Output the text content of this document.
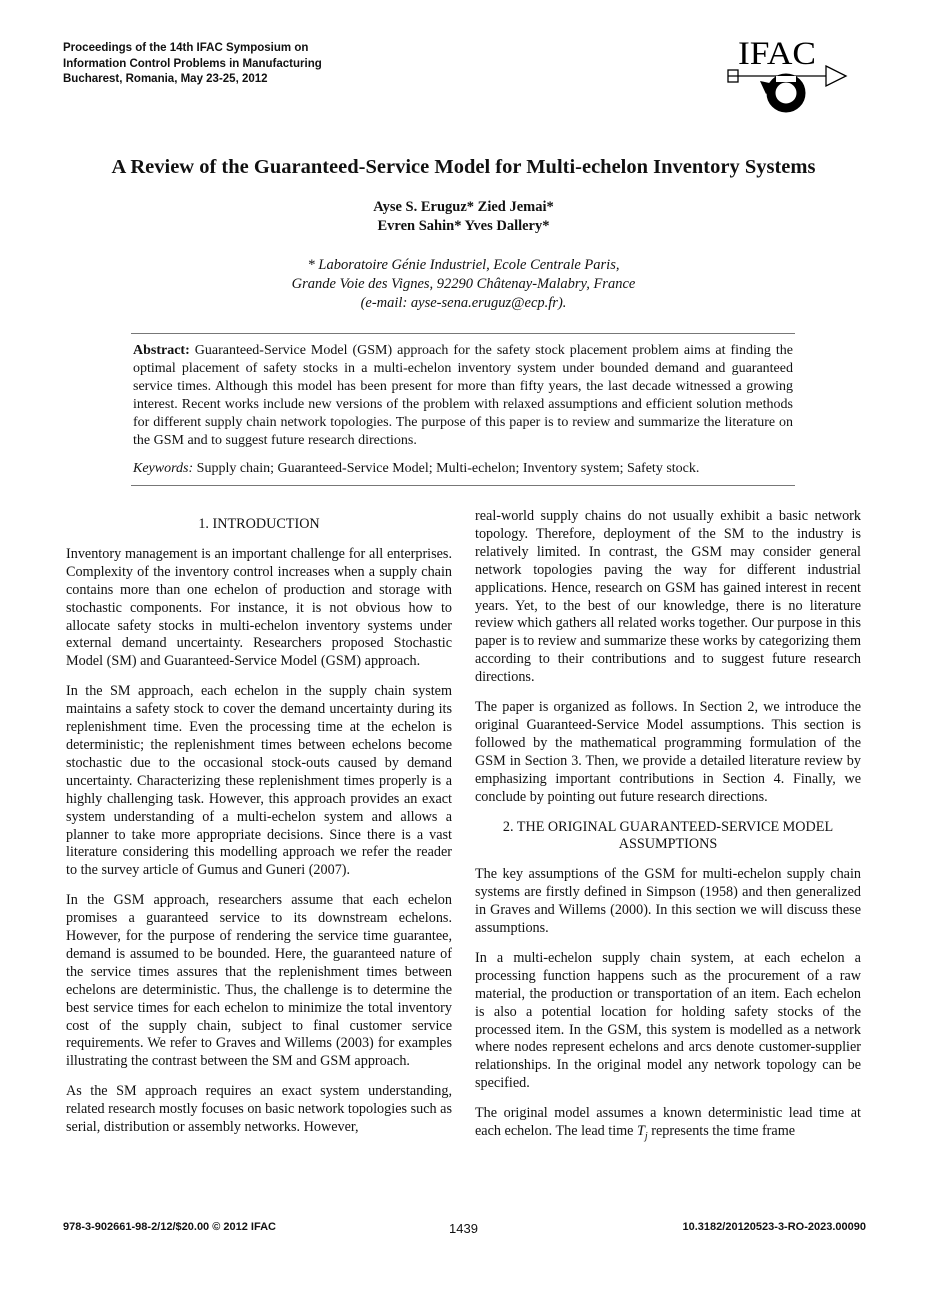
Proceedings of the 14th IFAC Symposium on
Information Control Problems in Manufacturing
Bucharest, Romania, May 23-25, 2012
IFAC
A Review of the Guaranteed-Service Model for Multi-echelon Inventory Systems
Ayse S. Eruguz* Zied Jemai*
Evren Sahin* Yves Dallery*
* Laboratoire Génie Industriel, Ecole Centrale Paris,
Grande Voie des Vignes, 92290 Châtenay-Malabry, France
(e-mail: ayse-sena.eruguz@ecp.fr).
Abstract: Guaranteed-Service Model (GSM) approach for the safety stock placement problem aims at finding the optimal placement of safety stocks in a multi-echelon inventory system under bounded demand and guaranteed service times. Although this model has been present for more than fifty years, the last decade witnessed a growing interest. Recent works include new versions of the problem with relaxed assumptions and efficient solution methods for different supply chain network topologies. The purpose of this paper is to review and summarize the literature on the GSM and to suggest future research directions.
Keywords: Supply chain; Guaranteed-Service Model; Multi-echelon; Inventory system; Safety stock.
1. INTRODUCTION

Inventory management is an important challenge for all enterprises. Complexity of the inventory control increases when a supply chain contains more than one echelon of production and storage with stochastic components. For instance, it is not obvious how to allocate safety stocks in multi-echelon inventory systems under external demand uncertainty. Researchers proposed Stochastic Model (SM) and Guaranteed-Service Model (GSM) approach.

In the SM approach, each echelon in the supply chain system maintains a safety stock to cover the demand uncertainty during its replenishment time. Even the processing time at the echelon is deterministic; the replenishment times between echelons become stochastic due to the occasional stock-outs caused by demand uncertainty. Characterizing these replenishment times properly is a highly challenging task. However, this approach provides an exact system understanding of a multi-echelon system and allows a planner to take more appropriate decisions. Since there is a vast literature considering this modelling approach we refer the reader to the survey article of Gumus and Guneri (2007).

In the GSM approach, researchers assume that each echelon promises a guaranteed service to its downstream echelons. However, for the purpose of rendering the service time guarantee, demand is assumed to be bounded. Here, the guaranteed nature of the service times assures that the replenishment times between echelons are deterministic. Thus, the challenge is to determine the best service times for each echelon to minimize the total inventory cost of the supply chain, subject to final customer service requirements. We refer to Graves and Willems (2003) for examples illustrating the contrast between the SM and GSM approach.

As the SM approach requires an exact system understanding, related research mostly focuses on basic network topologies such as serial, distribution or assembly networks. However,

real-world supply chains do not usually exhibit a basic network topology. Therefore, deployment of the SM to the industry is relatively limited. In contrast, the GSM may consider general network topologies paving the way for different industrial applications. Hence, research on GSM has gained interest in recent years. Yet, to the best of our knowledge, there is no literature review which gathers all related works together. Our purpose in this paper is to review and summarize these works by categorizing them according to their contributions and to suggest future research directions.

The paper is organized as follows. In Section 2, we introduce the original Guaranteed-Service Model assumptions. This section is followed by the mathematical programming formulation of the GSM in Section 3. Then, we provide a detailed literature review by emphasizing important contributions in Section 4. Finally, we conclude by pointing out future research directions.

2. THE ORIGINAL GUARANTEED-SERVICE MODEL
ASSUMPTIONS

The key assumptions of the GSM for multi-echelon supply chain systems are firstly defined in Simpson (1958) and then generalized in Graves and Willems (2000). In this section we will discuss these assumptions.

In a multi-echelon supply chain system, at each echelon a processing function happens such as the procurement of a raw material, the production or transportation of an item. Each echelon is also a potential location for holding safety stocks of the processed item. In the GSM, this system is modelled as a network where nodes represent echelons and arcs denote customer-supplier relationships. In the original model any network topology can be specified.

The original model assumes a known deterministic lead time at each echelon. The lead time $T_j$ represents the time frame

978-3-902661-98-2/12/$20.00 © 2012 IFAC	1439	10.3182/20120523-3-RO-2023.00090
